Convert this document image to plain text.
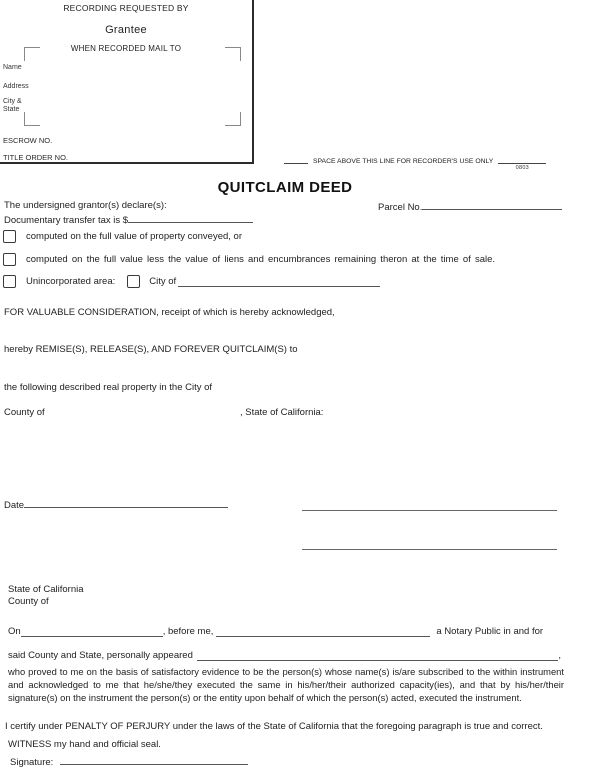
RECORDING REQUESTED BY
Grantee
WHEN RECORDED MAIL TO
Name
Address
City &
State
ESCROW NO.
TITLE ORDER NO.	SPACE ABOVE THIS LINE FOR RECORDER'S USE ONLY
0803
QUITCLAIM DEED
The undersigned grantor(s) declare(s):	Parcel No.
Documentary transfer tax is $
computed on the full value of property conveyed, or
computed on the full value less the value of liens and encumbrances remaining theron at the time of sale.
Unincorporated area:	City of
FOR VALUABLE CONSIDERATION, receipt of which is hereby acknowledged,
hereby REMISE(S), RELEASE(S), AND FOREVER QUITCLAIM(S) to
the following described real property in the City of
County of	, State of California:
Date
State of California
County of
On	, before me,	a Notary Public in and for
said County and State, personally appeared	,
who proved to me on the basis of satisfactory evidence to be the person(s) whose name(s) is/are subscribed to the within instrument and acknowledged to me that he/she/they executed the same in his/her/their authorized capacity(ies), and that by his/her/their signature(s) on the instrument the person(s) or the entity upon behalf of which the person(s) acted, executed the instrument.
I certify under PENALTY OF PERJURY under the laws of the State of California that the foregoing paragraph is true and correct.
WITNESS my hand and official seal.
Signature:
